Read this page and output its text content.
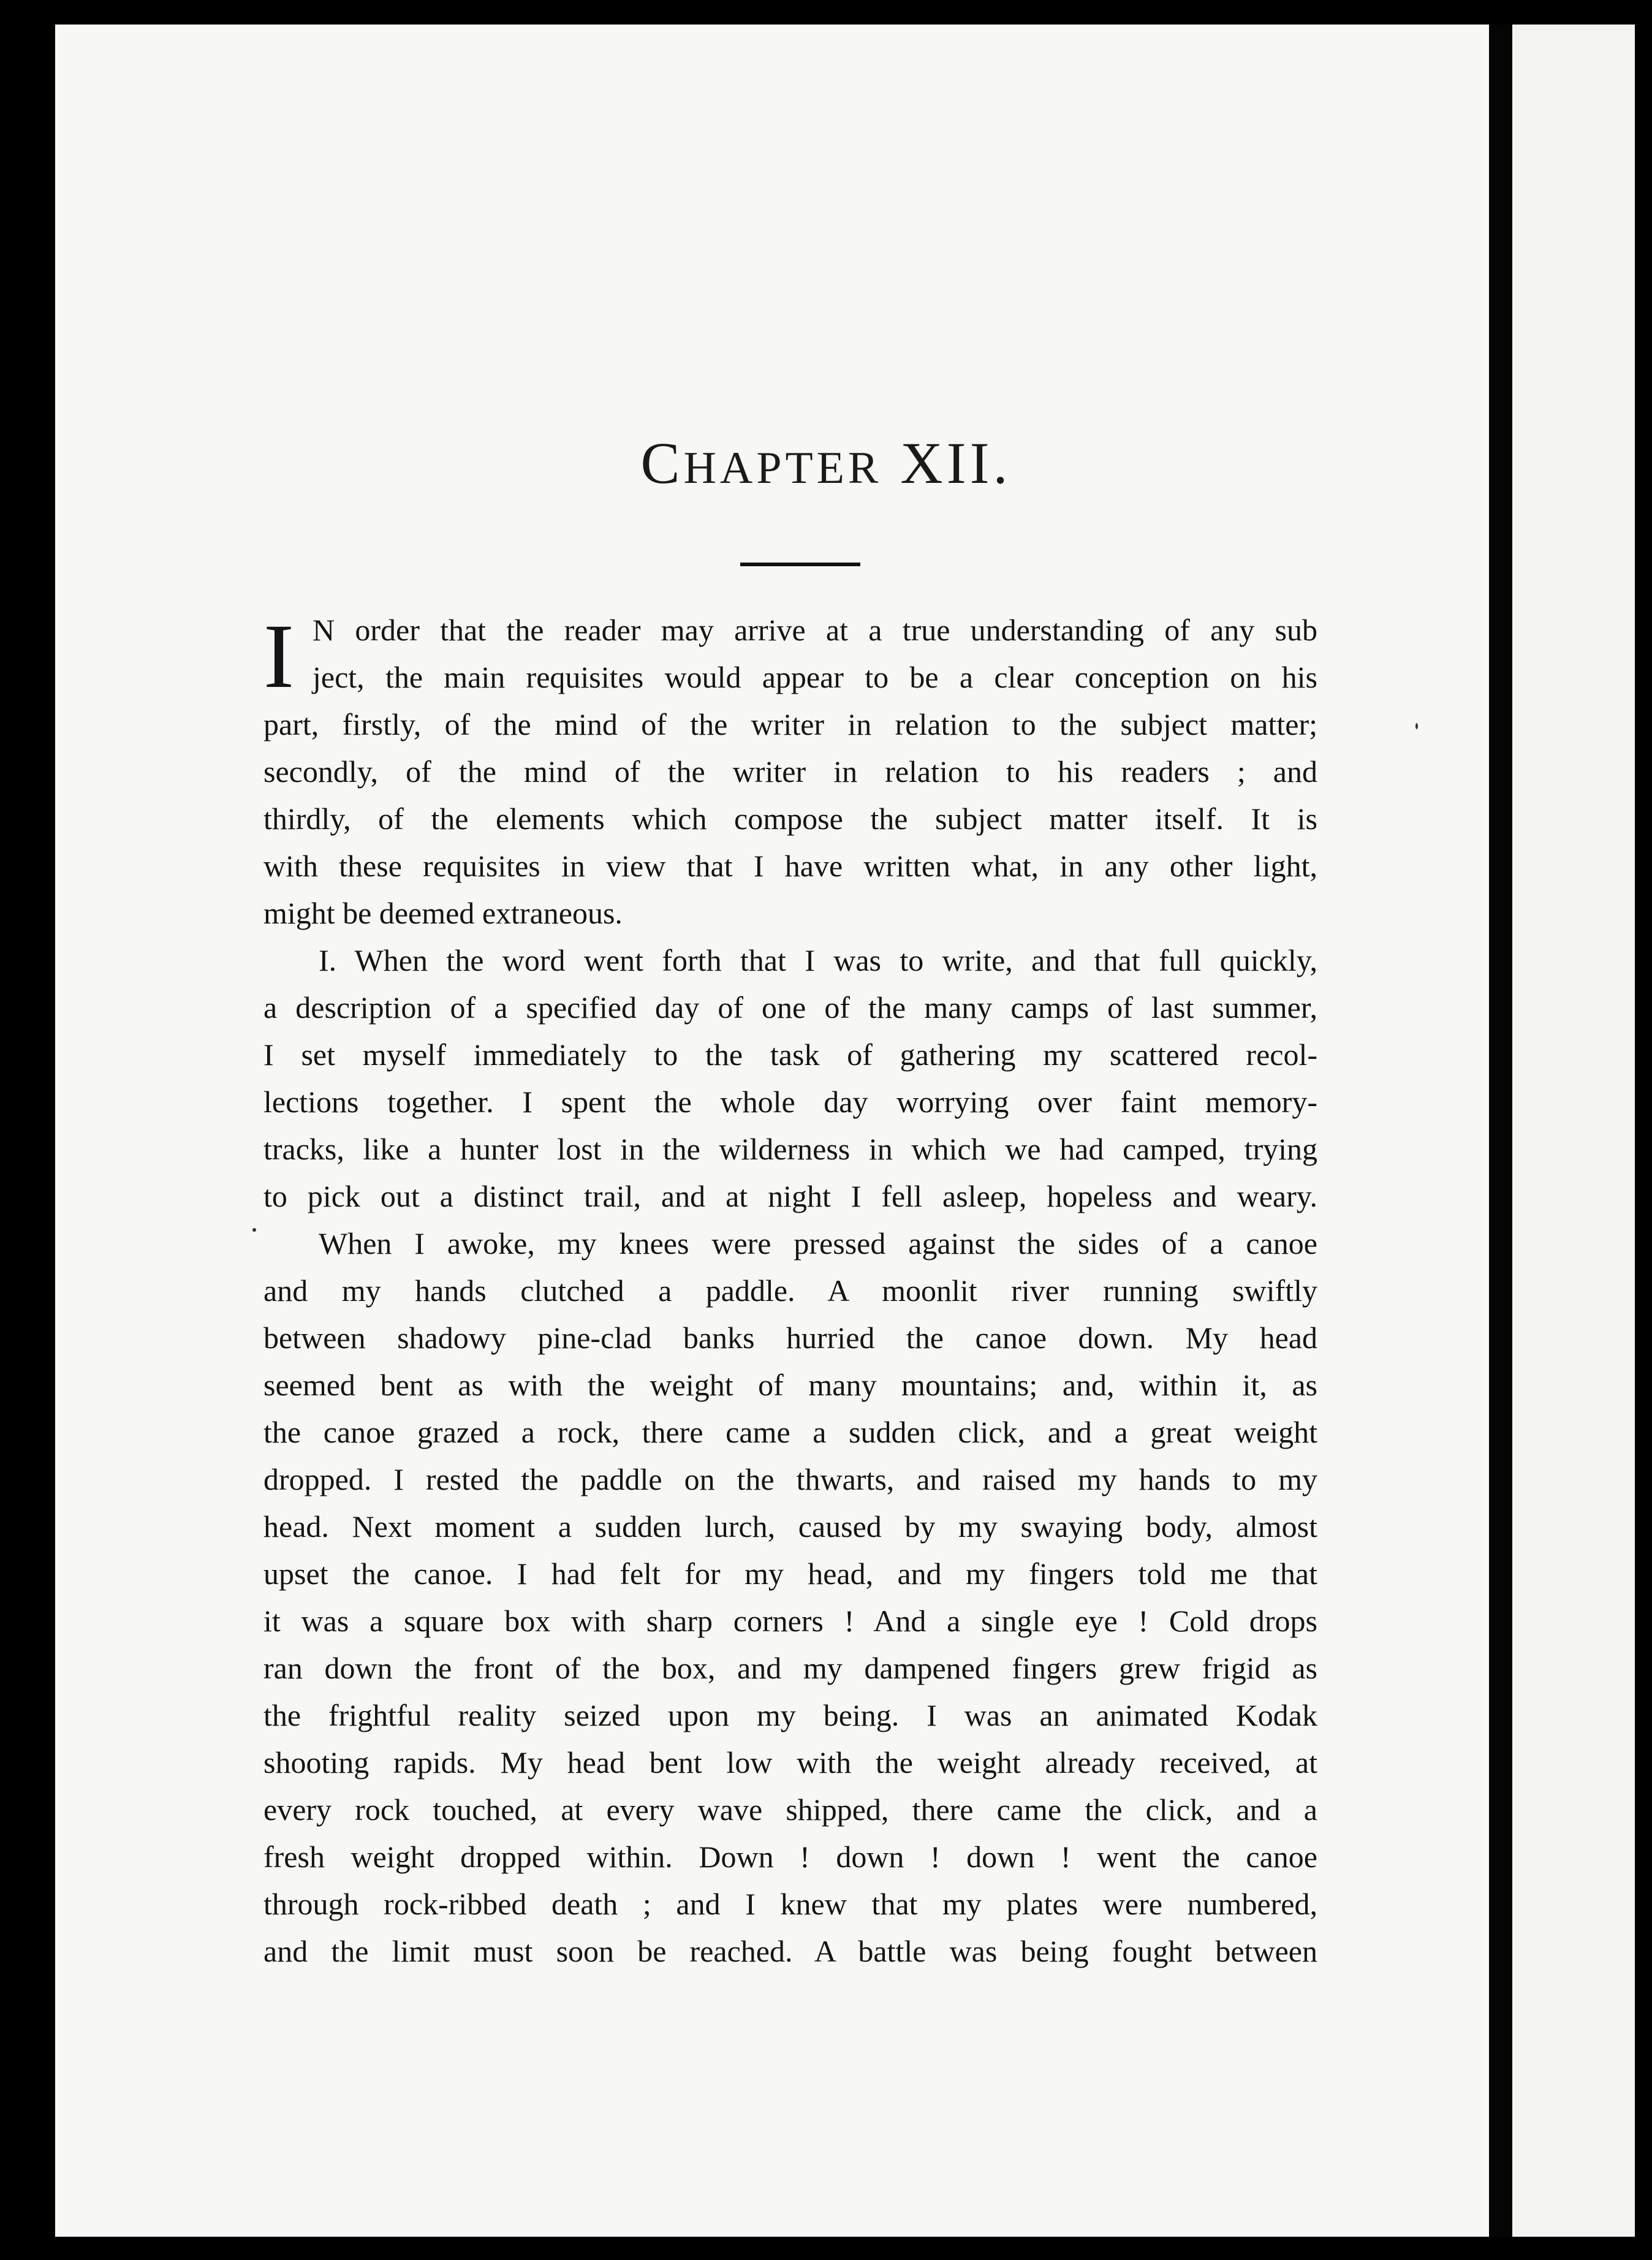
CHAPTER XII.
I N order that the reader may arrive at a true understanding of any sub
ject, the main requisites would appear to be a clear conception on his
part, firstly, of the mind of the writer in relation to the subject matter;
secondly, of the mind of the writer in relation to his readers ; and
thirdly, of the elements which compose the subject matter itself. It is
with these requisites in view that I have written what, in any other light,
might be deemed extraneous.
I. When the word went forth that I was to write, and that full quickly,
a description of a specified day of one of the many camps of last summer,
I set myself immediately to the task of gathering my scattered recol-
lections together. I spent the whole day worrying over faint memory-
tracks, like a hunter lost in the wilderness in which we had camped, trying
to pick out a distinct trail, and at night I fell asleep, hopeless and weary.
When I awoke, my knees were pressed against the sides of a canoe
and my hands clutched a paddle. A moonlit river running swiftly
between shadowy pine-clad banks hurried the canoe down. My head
seemed bent as with the weight of many mountains; and, within it, as
the canoe grazed a rock, there came a sudden click, and a great weight
dropped. I rested the paddle on the thwarts, and raised my hands to my
head. Next moment a sudden lurch, caused by my swaying body, almost
upset the canoe. I had felt for my head, and my fingers told me that
it was a square box with sharp corners ! And a single eye ! Cold drops
ran down the front of the box, and my dampened fingers grew frigid as
the frightful reality seized upon my being. I was an animated Kodak
shooting rapids. My head bent low with the weight already received, at
every rock touched, at every wave shipped, there came the click, and a
fresh weight dropped within. Down ! down ! down ! went the canoe
through rock-ribbed death ; and I knew that my plates were numbered,
and the limit must soon be reached. A battle was being fought between
